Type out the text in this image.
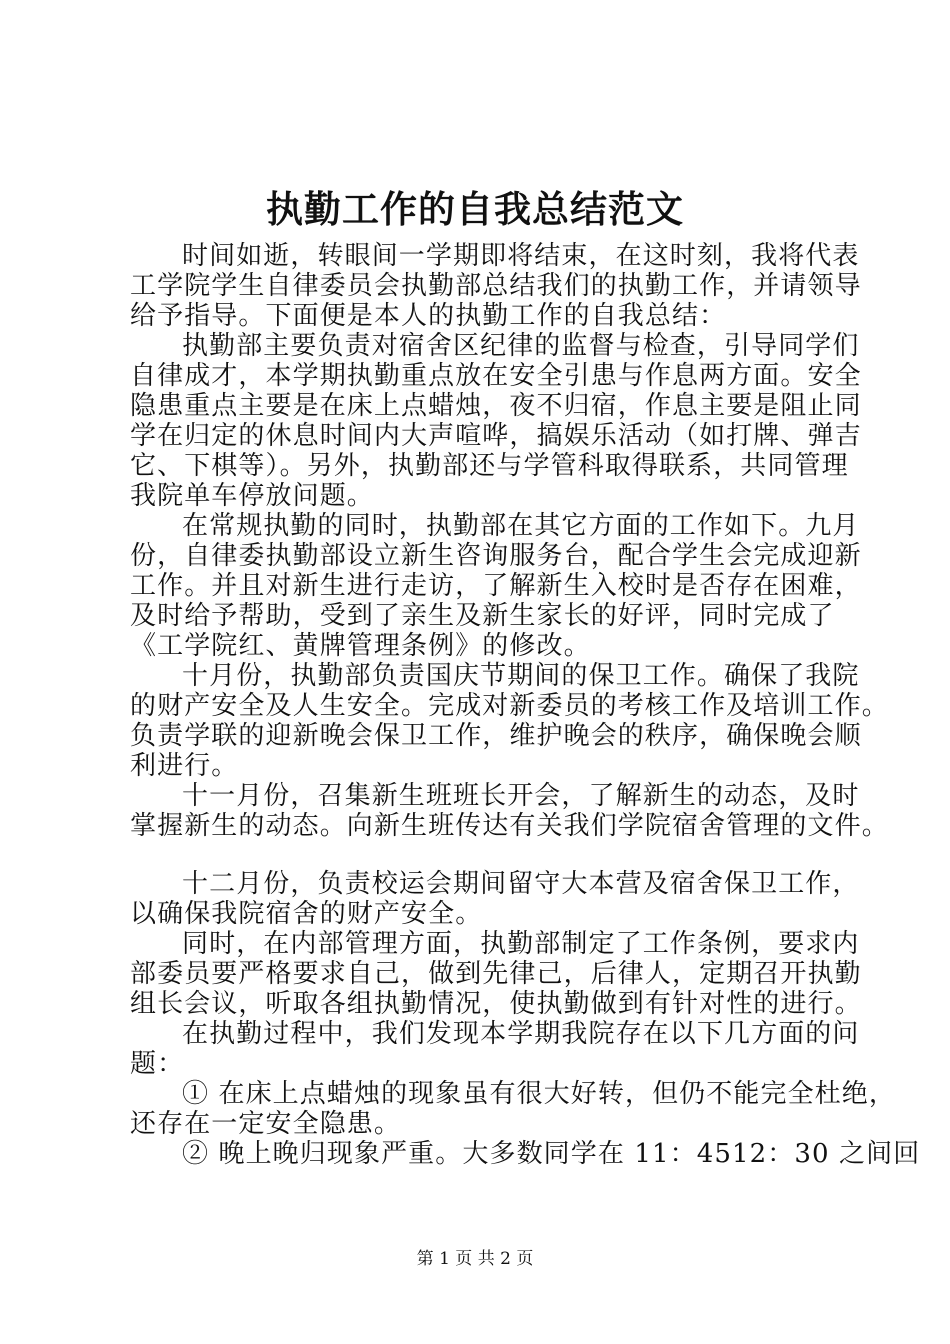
执勤工作的自我总结范文
时间如逝，转眼间一学期即将结束，在这时刻，我将代表
工学院学生自律委员会执勤部总结我们的执勤工作，并请领导
给予指导。下面便是本人的执勤工作的自我总结：
执勤部主要负责对宿舍区纪律的监督与检查，引导同学们
自律成才，本学期执勤重点放在安全引患与作息两方面。安全
隐患重点主要是在床上点蜡烛，夜不归宿，作息主要是阻止同
学在归定的休息时间内大声喧哗，搞娱乐活动（如打牌、弹吉
它、下棋等）。另外，执勤部还与学管科取得联系，共同管理
我院单车停放问题。
在常规执勤的同时，执勤部在其它方面的工作如下。九月
份，自律委执勤部设立新生咨询服务台，配合学生会完成迎新
工作。并且对新生进行走访，了解新生入校时是否存在困难，
及时给予帮助，受到了亲生及新生家长的好评，同时完成了
《工学院红、黄牌管理条例》的修改。
十月份，执勤部负责国庆节期间的保卫工作。确保了我院
的财产安全及人生安全。完成对新委员的考核工作及培训工作。
负责学联的迎新晚会保卫工作，维护晚会的秩序，确保晚会顺
利进行。
十一月份，召集新生班班长开会，了解新生的动态，及时
掌握新生的动态。向新生班传达有关我们学院宿舍管理的文件。
十二月份，负责校运会期间留守大本营及宿舍保卫工作，
以确保我院宿舍的财产安全。
同时，在内部管理方面，执勤部制定了工作条例，要求内
部委员要严格要求自己，做到先律己，后律人，定期召开执勤
组长会议，听取各组执勤情况，使执勤做到有针对性的进行。
在执勤过程中，我们发现本学期我院存在以下几方面的问
题：
① 在床上点蜡烛的现象虽有很大好转，但仍不能完全杜绝，
还存在一定安全隐患。
② 晚上晚归现象严重。大多数同学在 11：4512：30 之间回
第 1 页 共 2 页
